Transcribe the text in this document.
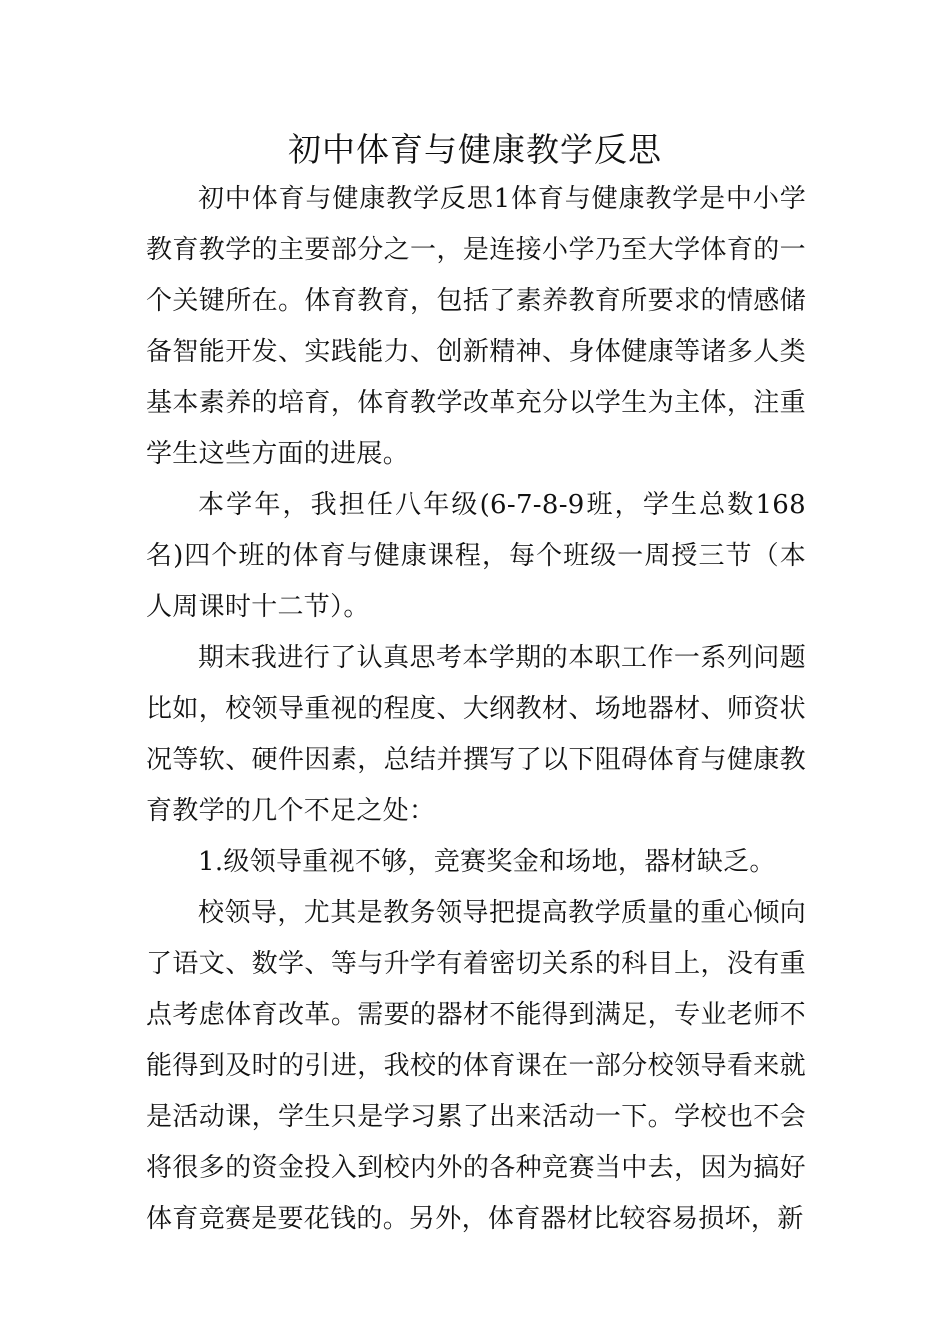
初中体育与健康教学反思

初中体育与健康教学反思1体育与健康教学是中小学教育教学的主要部分之一，是连接小学乃至大学体育的一个关键所在。体育教育，包括了素养教育所要求的情感储备智能开发、实践能力、创新精神、身体健康等诸多人类基本素养的培育，体育教学改革充分以学生为主体，注重学生这些方面的进展。

本学年，我担任八年级(6-7-8-9班，学生总数168名)四个班的体育与健康课程，每个班级一周授三节（本人周课时十二节）。

期末我进行了认真思考本学期的本职工作一系列问题比如，校领导重视的程度、大纲教材、场地器材、师资状况等软、硬件因素，总结并撰写了以下阻碍体育与健康教育教学的几个不足之处：

1.级领导重视不够，竞赛奖金和场地，器材缺乏。

校领导，尤其是教务领导把提高教学质量的重心倾向了语文、数学、等与升学有着密切关系的科目上，没有重点考虑体育改革。需要的器材不能得到满足，专业老师不能得到及时的引进，我校的体育课在一部分校领导看来就是活动课，学生只是学习累了出来活动一下。学校也不会将很多的资金投入到校内外的各种竞赛当中去，因为搞好体育竞赛是要花钱的。另外，体育器材比较容易损坏，新
